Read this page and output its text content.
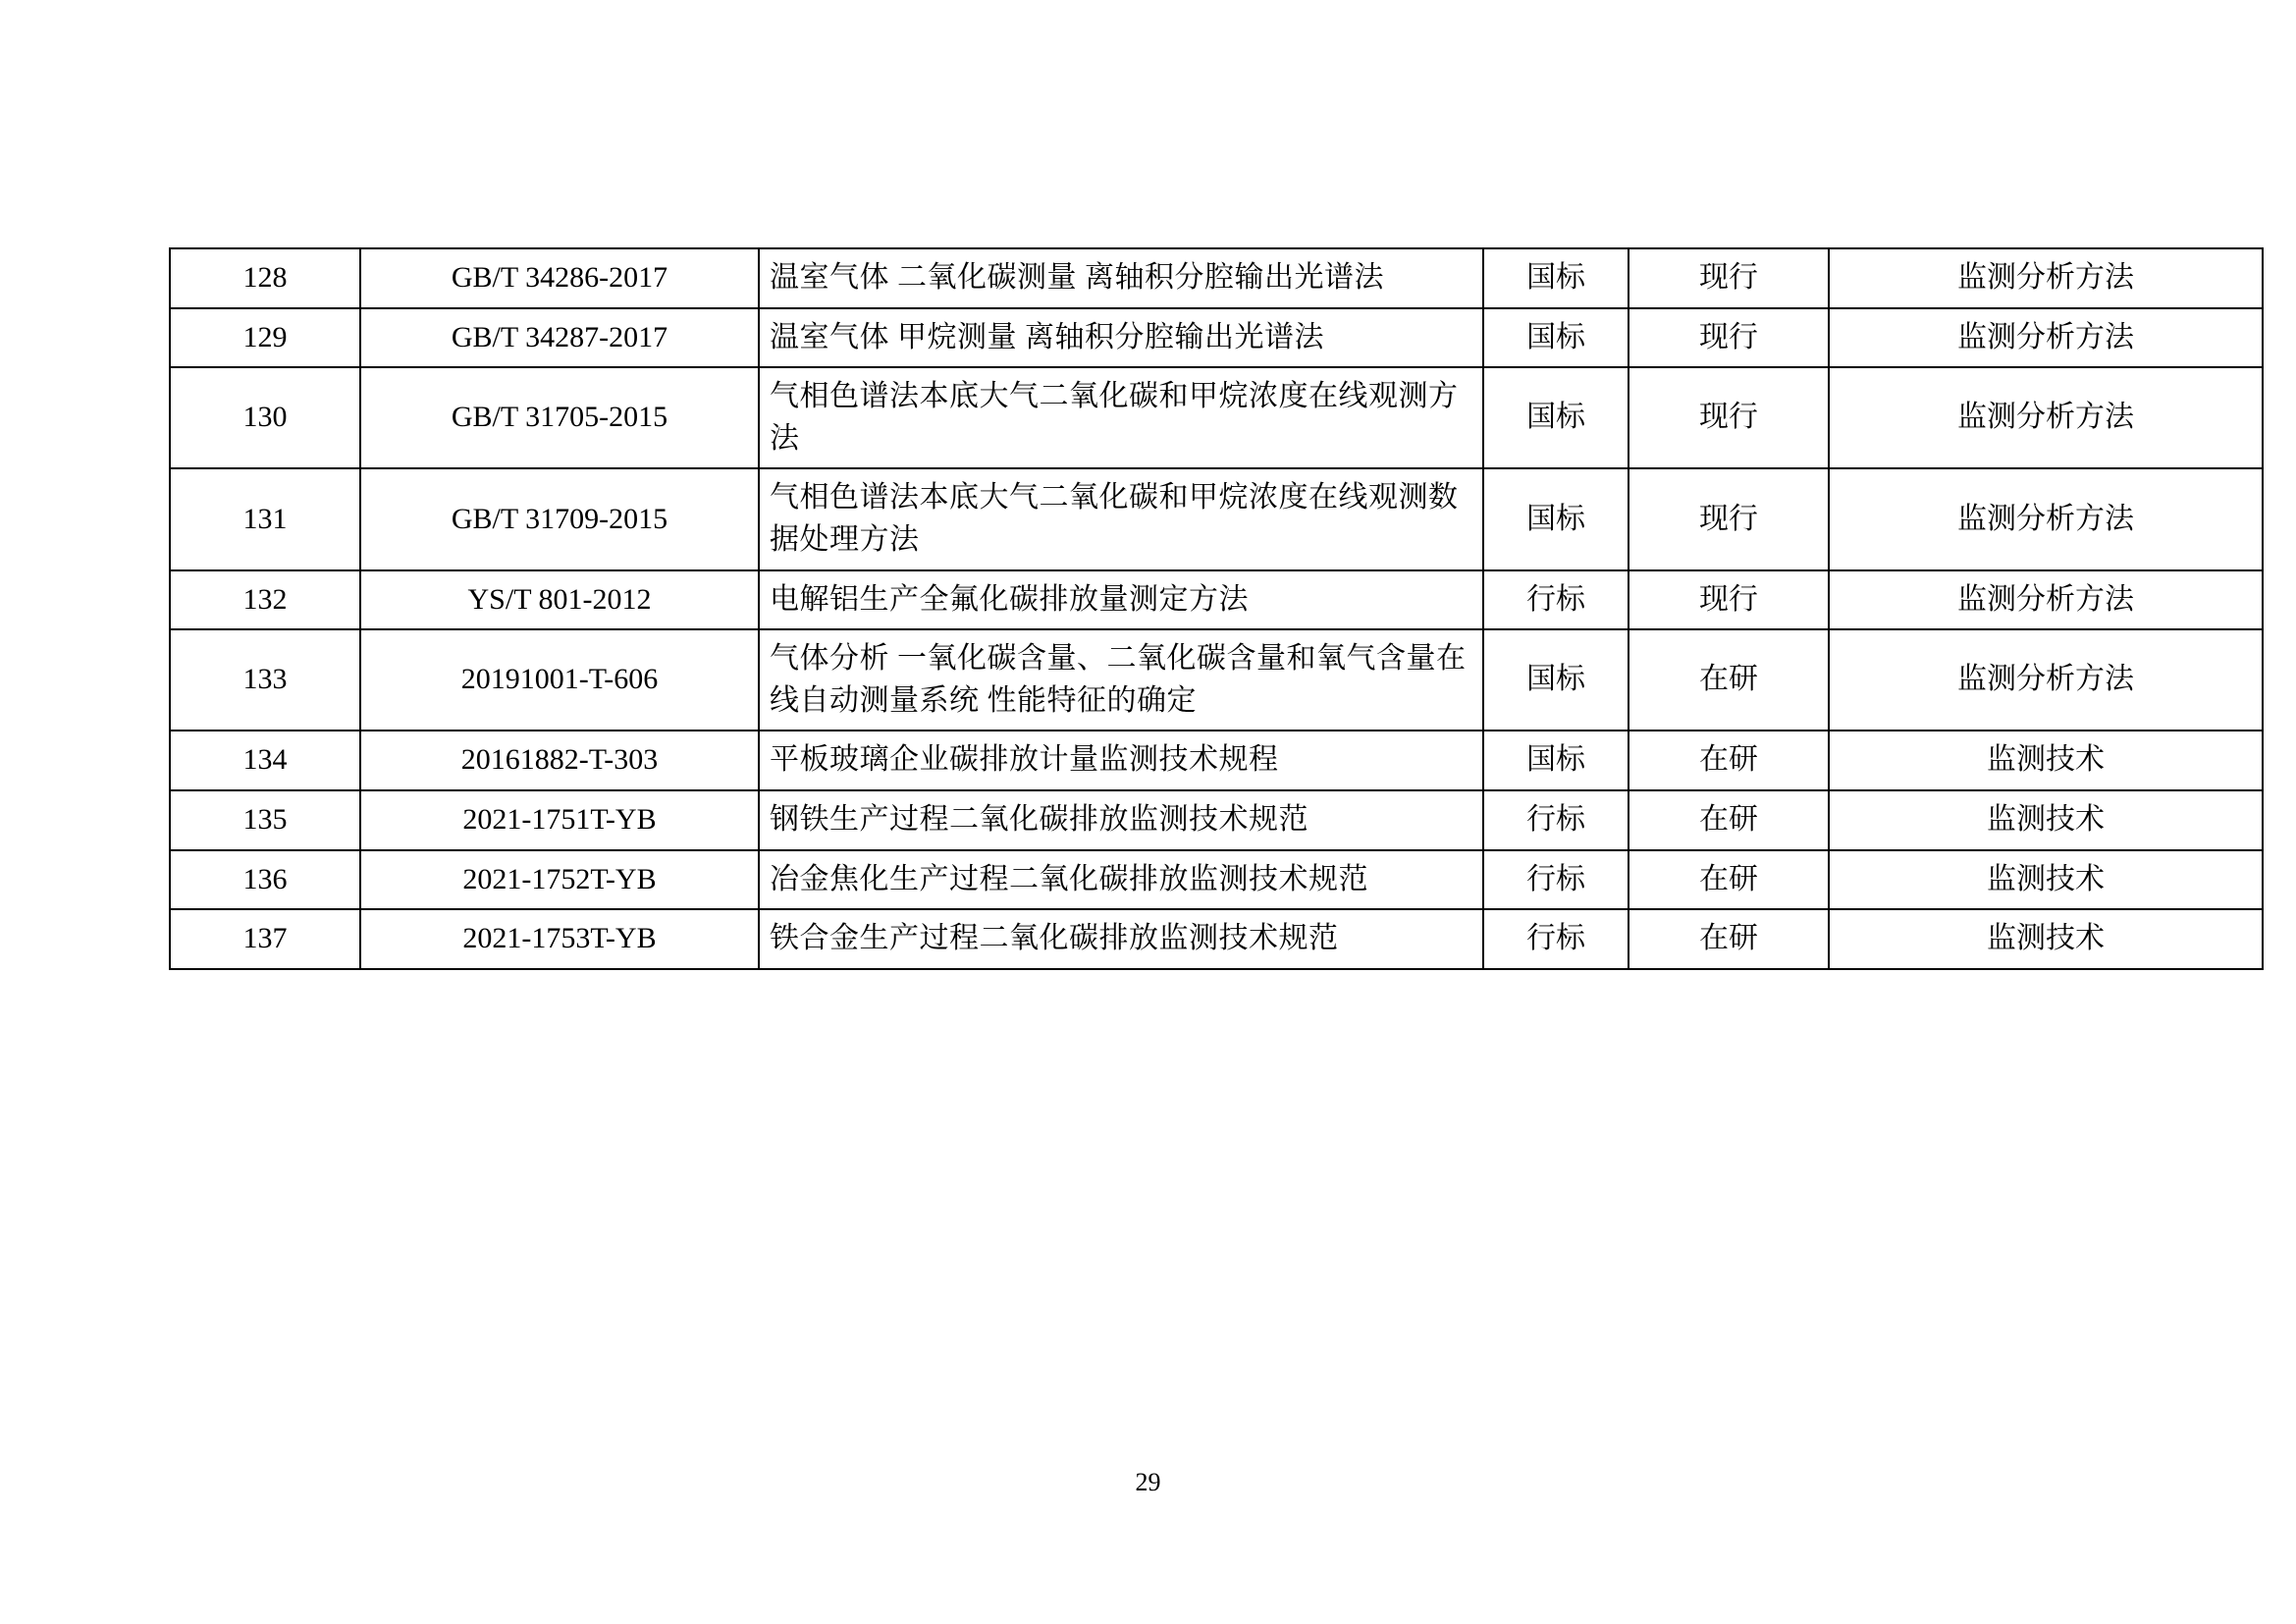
128	GB/T 34286-2017	温室气体 二氧化碳测量 离轴积分腔输出光谱法	国标	现行	监测分析方法
129	GB/T 34287-2017	温室气体 甲烷测量 离轴积分腔输出光谱法	国标	现行	监测分析方法
130	GB/T 31705-2015	气相色谱法本底大气二氧化碳和甲烷浓度在线观测方法	国标	现行	监测分析方法
131	GB/T 31709-2015	气相色谱法本底大气二氧化碳和甲烷浓度在线观测数据处理方法	国标	现行	监测分析方法
132	YS/T 801-2012	电解铝生产全氟化碳排放量测定方法	行标	现行	监测分析方法
133	20191001-T-606	气体分析 一氧化碳含量、二氧化碳含量和氧气含量在线自动测量系统 性能特征的确定	国标	在研	监测分析方法
134	20161882-T-303	平板玻璃企业碳排放计量监测技术规程	国标	在研	监测技术
135	2021-1751T-YB	钢铁生产过程二氧化碳排放监测技术规范	行标	在研	监测技术
136	2021-1752T-YB	冶金焦化生产过程二氧化碳排放监测技术规范	行标	在研	监测技术
137	2021-1753T-YB	铁合金生产过程二氧化碳排放监测技术规范	行标	在研	监测技术
29
